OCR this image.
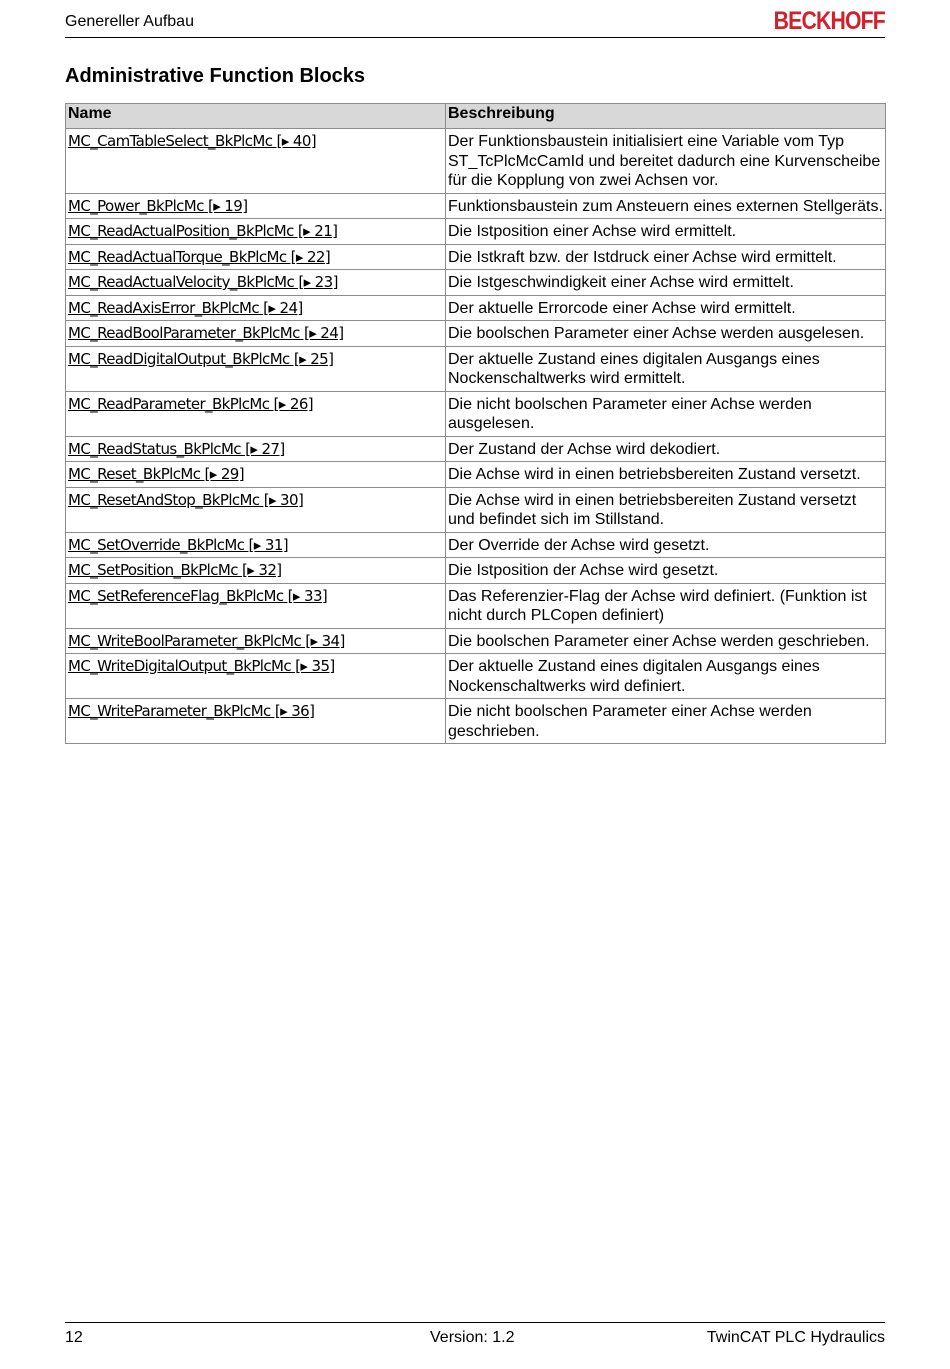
Genereller Aufbau	BECKHOFF
Administrative Function Blocks
Name	Beschreibung
MC_CamTableSelect_BkPlcMc [▸ 40]	Der Funktionsbaustein initialisiert eine Variable vom Typ ST_TcPlcMcCamId und bereitet dadurch eine Kurvenscheibe für die Kopplung von zwei Achsen vor.
MC_Power_BkPlcMc [▸ 19]	Funktionsbaustein zum Ansteuern eines externen Stellgeräts.
MC_ReadActualPosition_BkPlcMc [▸ 21]	Die Istposition einer Achse wird ermittelt.
MC_ReadActualTorque_BkPlcMc [▸ 22]	Die Istkraft bzw. der Istdruck einer Achse wird ermittelt.
MC_ReadActualVelocity_BkPlcMc [▸ 23]	Die Istgeschwindigkeit einer Achse wird ermittelt.
MC_ReadAxisError_BkPlcMc [▸ 24]	Der aktuelle Errorcode einer Achse wird ermittelt.
MC_ReadBoolParameter_BkPlcMc [▸ 24]	Die boolschen Parameter einer Achse werden ausgelesen.
MC_ReadDigitalOutput_BkPlcMc [▸ 25]	Der aktuelle Zustand eines digitalen Ausgangs eines Nockenschaltwerks wird ermittelt.
MC_ReadParameter_BkPlcMc [▸ 26]	Die nicht boolschen Parameter einer Achse werden ausgelesen.
MC_ReadStatus_BkPlcMc [▸ 27]	Der Zustand der Achse wird dekodiert.
MC_Reset_BkPlcMc [▸ 29]	Die Achse wird in einen betriebsbereiten Zustand versetzt.
MC_ResetAndStop_BkPlcMc [▸ 30]	Die Achse wird in einen betriebsbereiten Zustand versetzt und befindet sich im Stillstand.
MC_SetOverride_BkPlcMc [▸ 31]	Der Override der Achse wird gesetzt.
MC_SetPosition_BkPlcMc [▸ 32]	Die Istposition der Achse wird gesetzt.
MC_SetReferenceFlag_BkPlcMc [▸ 33]	Das Referenzier-Flag der Achse wird definiert. (Funktion ist nicht durch PLCopen definiert)
MC_WriteBoolParameter_BkPlcMc [▸ 34]	Die boolschen Parameter einer Achse werden geschrieben.
MC_WriteDigitalOutput_BkPlcMc [▸ 35]	Der aktuelle Zustand eines digitalen Ausgangs eines Nockenschaltwerks wird definiert.
MC_WriteParameter_BkPlcMc [▸ 36]	Die nicht boolschen Parameter einer Achse werden geschrieben.
12	Version: 1.2	TwinCAT PLC Hydraulics
